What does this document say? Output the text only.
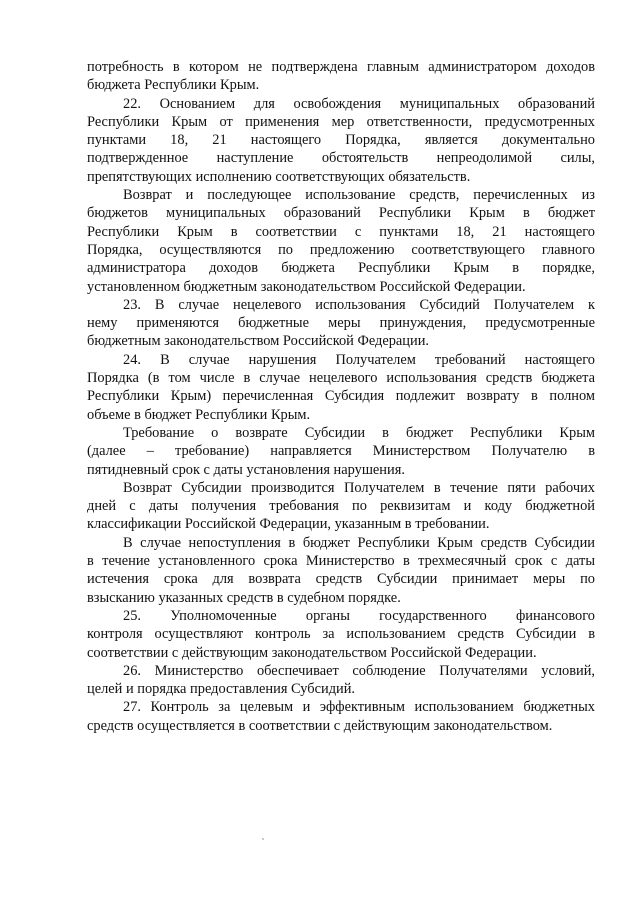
потребность в котором не подтверждена главным администратором доходов
бюджета Республики Крым.

22. Основанием для освобождения муниципальных образований
Республики Крым от применения мер ответственности, предусмотренных
пунктами 18, 21 настоящего Порядка, является документально
подтвержденное наступление обстоятельств непреодолимой силы,
препятствующих исполнению соответствующих обязательств.

Возврат и последующее использование средств, перечисленных из
бюджетов муниципальных образований Республики Крым в бюджет
Республики Крым в соответствии с пунктами 18, 21 настоящего
Порядка, осуществляются по предложению соответствующего главного
администратора доходов бюджета Республики Крым в порядке,
установленном бюджетным законодательством Российской Федерации.

23. В случае нецелевого использования Субсидий Получателем к
нему применяются бюджетные меры принуждения, предусмотренные
бюджетным законодательством Российской Федерации.

24. В случае нарушения Получателем требований настоящего
Порядка (в том числе в случае нецелевого использования средств бюджета
Республики Крым) перечисленная Субсидия подлежит возврату в полном
объеме в бюджет Республики Крым.

Требование о возврате Субсидии в бюджет Республики Крым
(далее – требование) направляется Министерством Получателю в
пятидневный срок с даты установления нарушения.

Возврат Субсидии производится Получателем в течение пяти рабочих
дней с даты получения требования по реквизитам и коду бюджетной
классификации Российской Федерации, указанным в требовании.

В случае непоступления в бюджет Республики Крым средств Субсидии
в течение установленного срока Министерство в трехмесячный срок с даты
истечения срока для возврата средств Субсидии принимает меры по
взысканию указанных средств в судебном порядке.

25. Уполномоченные органы государственного финансового
контроля осуществляют контроль за использованием средств Субсидии в
соответствии с действующим законодательством Российской Федерации.

26. Министерство обеспечивает соблюдение Получателями условий,
целей и порядка предоставления Субсидий.

27. Контроль за целевым и эффективным использованием бюджетных
средств осуществляется в соответствии с действующим законодательством.
